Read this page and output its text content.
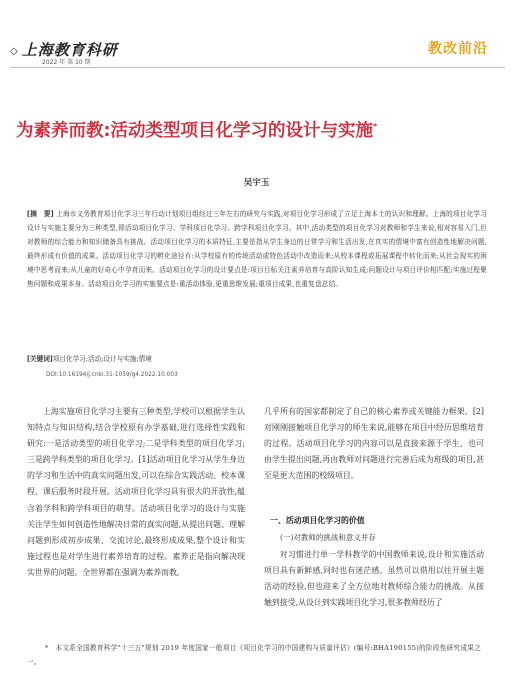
◇ 上海教育科研
2022 年 第 10 期
教改前沿
为素养而教:活动类型项目化学习的设计与实施*
吴宇玉
[摘　要] 上海市义务教育项目化学习三年行动计划项目组经过三年左右的研究与实践,对项目化学习形成了立足上海本土的认识和理解。上海的项目化学习设计与实施主要分为三种类型,即活动项目化学习、学科项目化学习、跨学科项目化学习。其中,活动类型的项目化学习对教师和学生来说,相对容易入门,但对教师的综合能力和知识储备具有挑战。活动项目化学习的本质特征,主要是指从学生身边的日常学习和生活出发,在真实的情境中富有创造性地解决问题,最终形成有价值的成果。活动项目化学习的孵化途径有:从学校原有的传统活动或特色活动中改造而来;从校本课程或拓展课程中转化而来;从社会现实的困境中思考而来;从儿童的好奇心中孕育而来。活动项目化学习的设计要点是:项目目标关注素养培育与高阶认知生成;问题设计与项目评价相匹配;实施过程聚焦问题和成果本身。活动项目化学习的实施要点是:重活动体验,更重思维发展;重项目成果,也重复盘总结。
[关键词]项目化学习;活动;设计与实施;情境
DOI:10.16194/j.cnki.31-1059/g4.2022.10.003

上海实施项目化学习主要有三种类型,学校可以根据学生认知特点与知识结构,结合学校原有办学基础,进行选择性实践和研究:一是活动类型的项目化学习;二是学科类型的项目化学习;三是跨学科类型的项目化学习。[1]活动项目化学习从学生身边的学习和生活中的真实问题出发,可以在综合实践活动、校本课程、课后服务时段开展。活动项目化学习具有很大的开放性,蕴含着学科和跨学科项目的萌芽。活动项目化学习的设计与实施关注学生如何创造性地解决日常的真实问题,从提出问题、理解问题到形成初步成果、交流讨论,最终形成成果,整个设计和实施过程也是对学生进行素养培育的过程。素养正是指向解决现实世界的问题。全世界都在强调为素养而教,

几乎所有的国家都制定了自己的核心素养或关键能力框架。[2]对刚刚接触项目化学习的师生来说,能够在项目中经历思维培育的过程。活动项目化学习的内容可以是直接来源于学生、也可由学生提出问题,再由教师对问题进行完善后成为班级的项目,甚至是更大范围的校级项目。

一、活动项目化学习的价值
(一)对教师的挑战和意义并存

对习惯进行单一学科教学的中国教师来说,设计和实施活动项目具有新鲜感,同时也有迷茫感。虽然可以借用以往开展主题活动的经验,但也迎来了全方位地对教师综合能力的挑战。从接触到接受,从设计到实践项目化学习,很多教师经历了

*　 本文系全国教育科学"十三五"规划 2019 年度国家一般项目《项目化学习的中国建构与质量评估》(编号:BHA190155)的阶段性研究成果之一。
